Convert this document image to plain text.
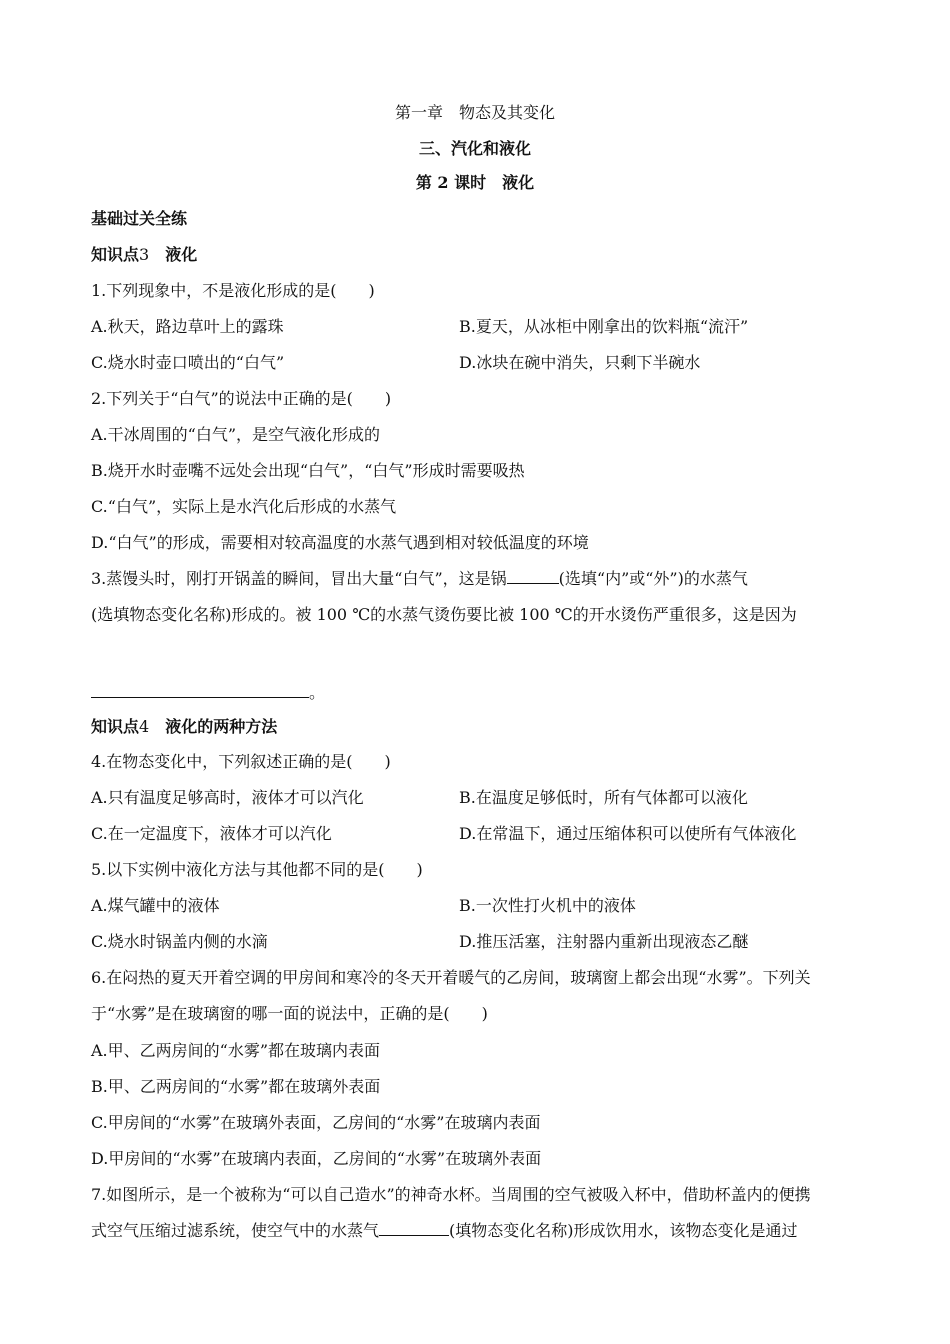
第一章　物态及其变化
三、汽化和液化
第 2 课时　液化
基础过关全练
知识点3　 液化
1.下列现象中，不是液化形成的是(　　)
A.秋天，路边草叶上的露珠	B.夏天，从冰柜中刚拿出的饮料瓶“流汗”
C.烧水时壶口喷出的“白气”	D.冰块在碗中消失，只剩下半碗水
2.下列关于“白气”的说法中正确的是(　　)
A.干冰周围的“白气”，是空气液化形成的
B.烧开水时壶嘴不远处会出现“白气”，“白气”形成时需要吸热
C.“白气”，实际上是水汽化后形成的水蒸气
D.“白气”的形成，需要相对较高温度的水蒸气遇到相对较低温度的环境
3.蒸馒头时，刚打开锅盖的瞬间，冒出大量“白气”，这是锅	(选填“内”或“外”)的水蒸气
(选填物态变化名称)形成的。被 100 ℃的水蒸气烫伤要比被 100 ℃的开水烫伤严重很多，这是因为
。
知识点4　 液化的两种方法
4.在物态变化中，下列叙述正确的是(　　)
A.只有温度足够高时，液体才可以汽化	B.在温度足够低时，所有气体都可以液化
C.在一定温度下，液体才可以汽化	D.在常温下，通过压缩体积可以使所有气体液化
5.以下实例中液化方法与其他都不同的是(　　)
A.煤气罐中的液体	B.一次性打火机中的液体
C.烧水时锅盖内侧的水滴	D.推压活塞，注射器内重新出现液态乙醚
6.在闷热的夏天开着空调的甲房间和寒冷的冬天开着暖气的乙房间，玻璃窗上都会出现“水雾”。下列关
于“水雾”是在玻璃窗的哪一面的说法中，正确的是(　　)
A.甲、乙两房间的“水雾”都在玻璃内表面
B.甲、乙两房间的“水雾”都在玻璃外表面
C.甲房间的“水雾”在玻璃外表面，乙房间的“水雾”在玻璃内表面
D.甲房间的“水雾”在玻璃内表面，乙房间的“水雾”在玻璃外表面
7.如图所示，是一个被称为“可以自己造水”的神奇水杯。当周围的空气被吸入杯中，借助杯盖内的便携
式空气压缩过滤系统，使空气中的水蒸气	(填物态变化名称)形成饮用水，该物态变化是通过
